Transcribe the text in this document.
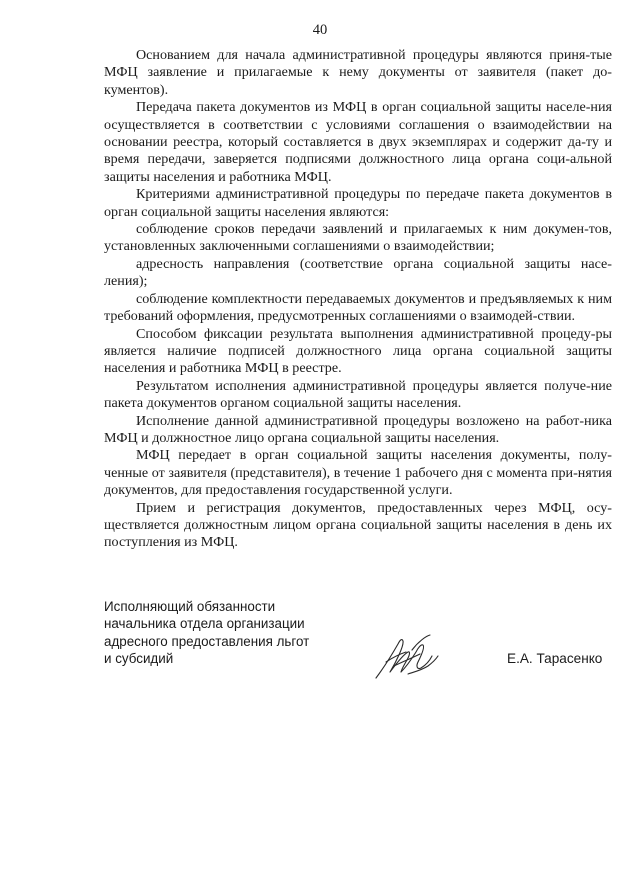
40

Основанием для начала административной процедуры являются приня-тые МФЦ заявление и прилагаемые к нему документы от заявителя (пакет до-кументов).

Передача пакета документов из МФЦ в орган социальной защиты населе-ния осуществляется в соответствии с условиями соглашения о взаимодействии на основании реестра, который составляется в двух экземплярах и содержит да-ту и время передачи, заверяется подписями должностного лица органа соци-альной защиты населения и работника МФЦ.

Критериями административной процедуры по передаче пакета документов в орган социальной защиты населения являются:

соблюдение сроков передачи заявлений и прилагаемых к ним докумен-тов, установленных заключенными соглашениями о взаимодействии;

адресность направления (соответствие органа социальной защиты насе-ления);

соблюдение комплектности передаваемых документов и предъявляемых к ним требований оформления, предусмотренных соглашениями о взаимодей-ствии.

Способом фиксации результата выполнения административной процеду-ры является наличие подписей должностного лица органа социальной защиты населения и работника МФЦ в реестре.

Результатом исполнения административной процедуры является получе-ние пакета документов органом социальной защиты населения.

Исполнение данной административной процедуры возложено на работ-ника МФЦ и должностное лицо органа социальной защиты населения.

МФЦ передает в орган социальной защиты населения документы, полу-ченные от заявителя (представителя), в течение 1 рабочего дня с момента при-нятия документов, для предоставления государственной услуги.

Прием и регистрация документов, предоставленных через МФЦ, осу-ществляется должностным лицом органа социальной защиты населения в день их поступления из МФЦ.

Исполняющий обязанности
начальника отдела организации
адресного предоставления льгот
и субсидий	Е.А. Тарасенко
